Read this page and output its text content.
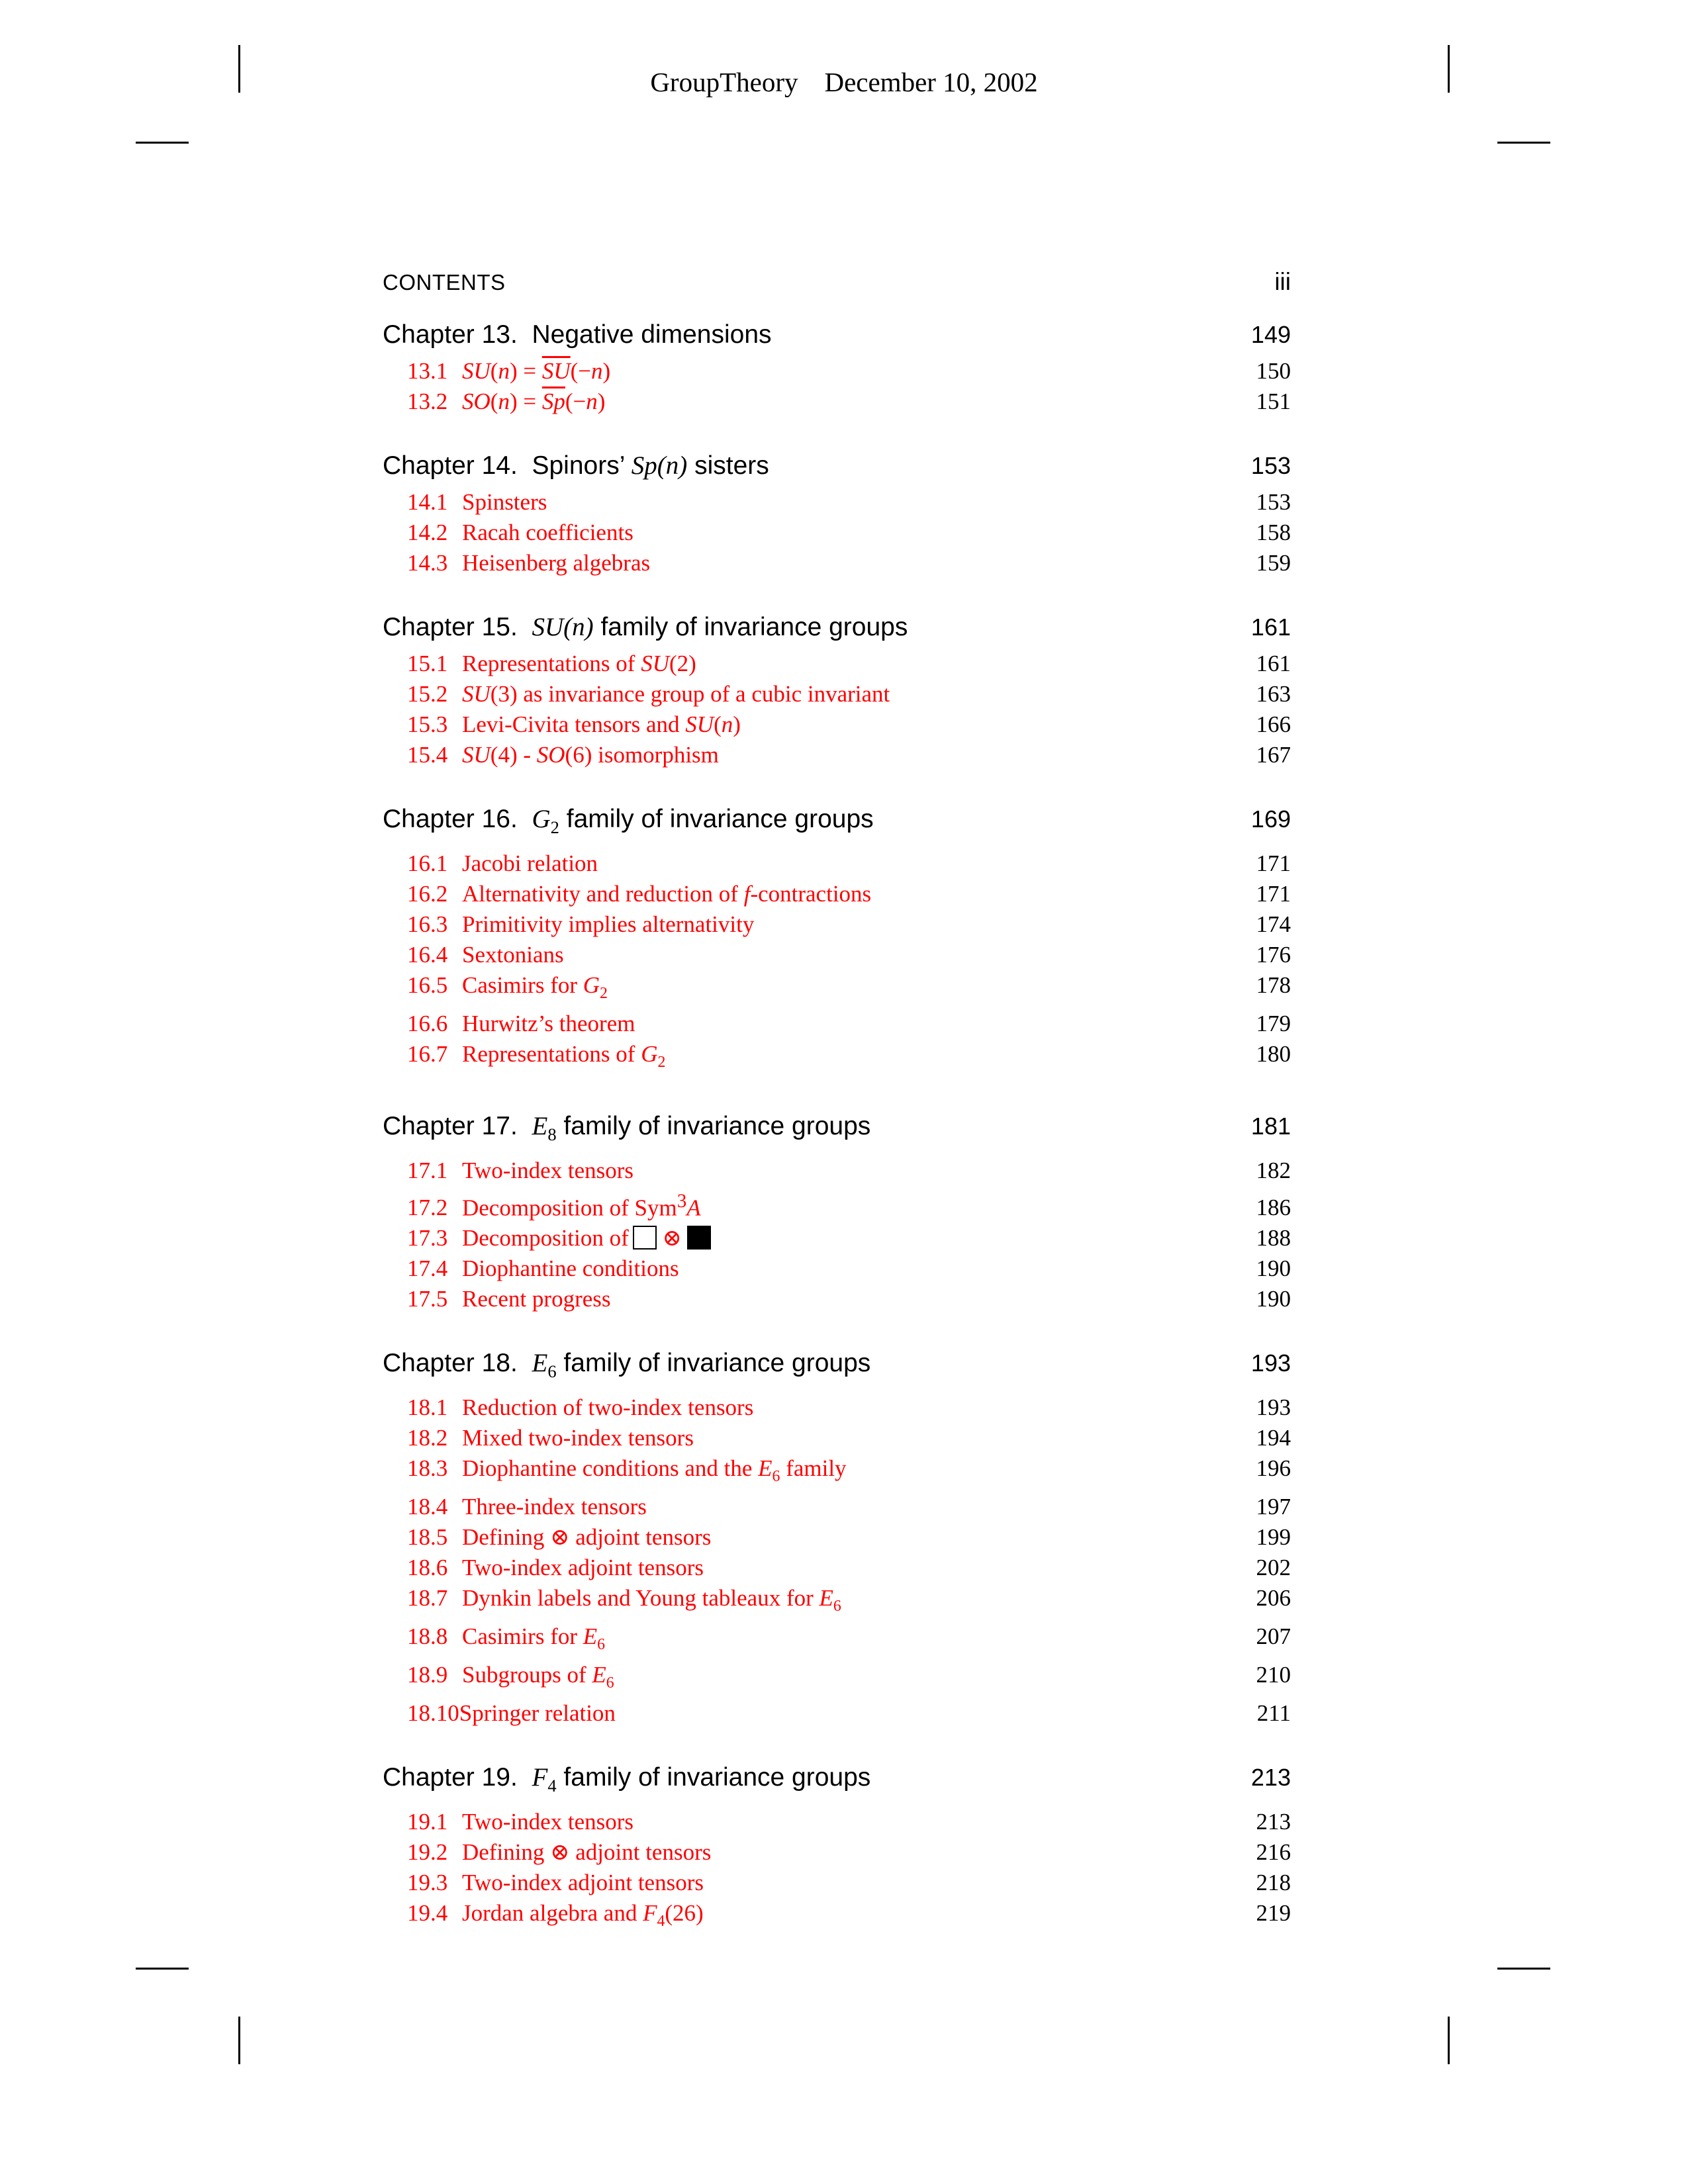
GroupTheory December 10, 2002
CONTENTS	iii
Chapter 13. Negative dimensions	149
13.1 $SU(n) = \overline{SU}(-n)$	150
13.2 $SO(n) = \overline{Sp}(-n)$	151
Chapter 14. Spinors’ Sp(n) sisters	153
14.1 Spinsters	153
14.2 Racah coefficients	158
14.3 Heisenberg algebras	159
Chapter 15. SU(n) family of invariance groups	161
15.1 Representations of SU(2)	161
15.2 SU(3) as invariance group of a cubic invariant	163
15.3 Levi-Civita tensors and SU(n)	166
15.4 SU(4) - SO(6) isomorphism	167
Chapter 16. $G_2$ family of invariance groups	169
16.1 Jacobi relation	171
16.2 Alternativity and reduction of f-contractions	171
16.3 Primitivity implies alternativity	174
16.4 Sextonians	176
16.5 Casimirs for $G_2$	178
16.6 Hurwitz’s theorem	179
16.7 Representations of $G_2$	180
Chapter 17. $E_8$ family of invariance groups	181
17.1 Two-index tensors	182
17.2 Decomposition of Sym$^3$A	186
17.3 Decomposition of ⊗	188
17.4 Diophantine conditions	190
17.5 Recent progress	190
Chapter 18. $E_6$ family of invariance groups	193
18.1 Reduction of two-index tensors	193
18.2 Mixed two-index tensors	194
18.3 Diophantine conditions and the $E_6$ family	196
18.4 Three-index tensors	197
18.5 Defining ⊗ adjoint tensors	199
18.6 Two-index adjoint tensors	202
18.7 Dynkin labels and Young tableaux for $E_6$	206
18.8 Casimirs for $E_6$	207
18.9 Subgroups of $E_6$	210
18.10Springer relation	211
Chapter 19. $F_4$ family of invariance groups	213
19.1 Two-index tensors	213
19.2 Defining ⊗ adjoint tensors	216
19.3 Two-index adjoint tensors	218
19.4 Jordan algebra and $F_4(26)$	219
